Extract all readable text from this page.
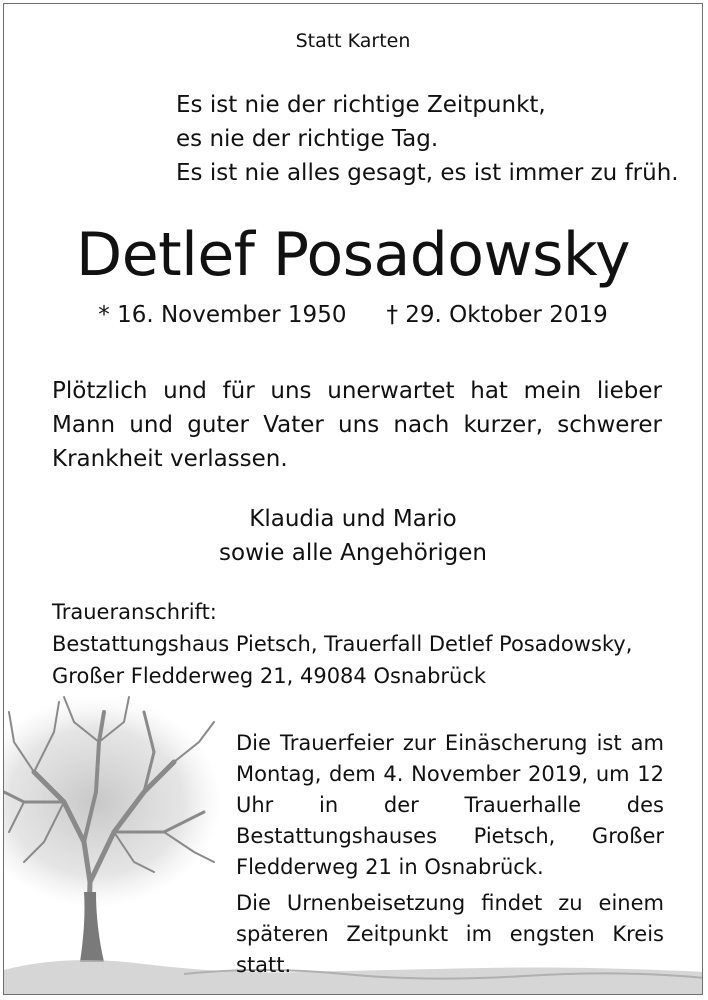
Statt Karten

Es ist nie der richtige Zeitpunkt,
es nie der richtige Tag.
Es ist nie alles gesagt, es ist immer zu früh.
Detlef Posadowsky
* 16. November 1950 † 29. Oktober 2019

Plötzlich und für uns unerwartet hat mein lieber Mann und guter Vater uns nach kurzer, schwerer Krankheit verlassen.

Klaudia und Mario
sowie alle Angehörigen
Traueranschrift:
Bestattungshaus Pietsch, Trauerfall Detlef Posadowsky,
Großer Fledderweg 21, 49084 Osnabrück

Die Trauerfeier zur Einäscherung ist am Montag, dem 4. November 2019, um 12 Uhr in der Trauerhalle des Bestattungshauses Pietsch, Großer Fledderweg 21 in Osnabrück.

Die Urnenbeisetzung findet zu einem späteren Zeitpunkt im engsten Kreis statt.
